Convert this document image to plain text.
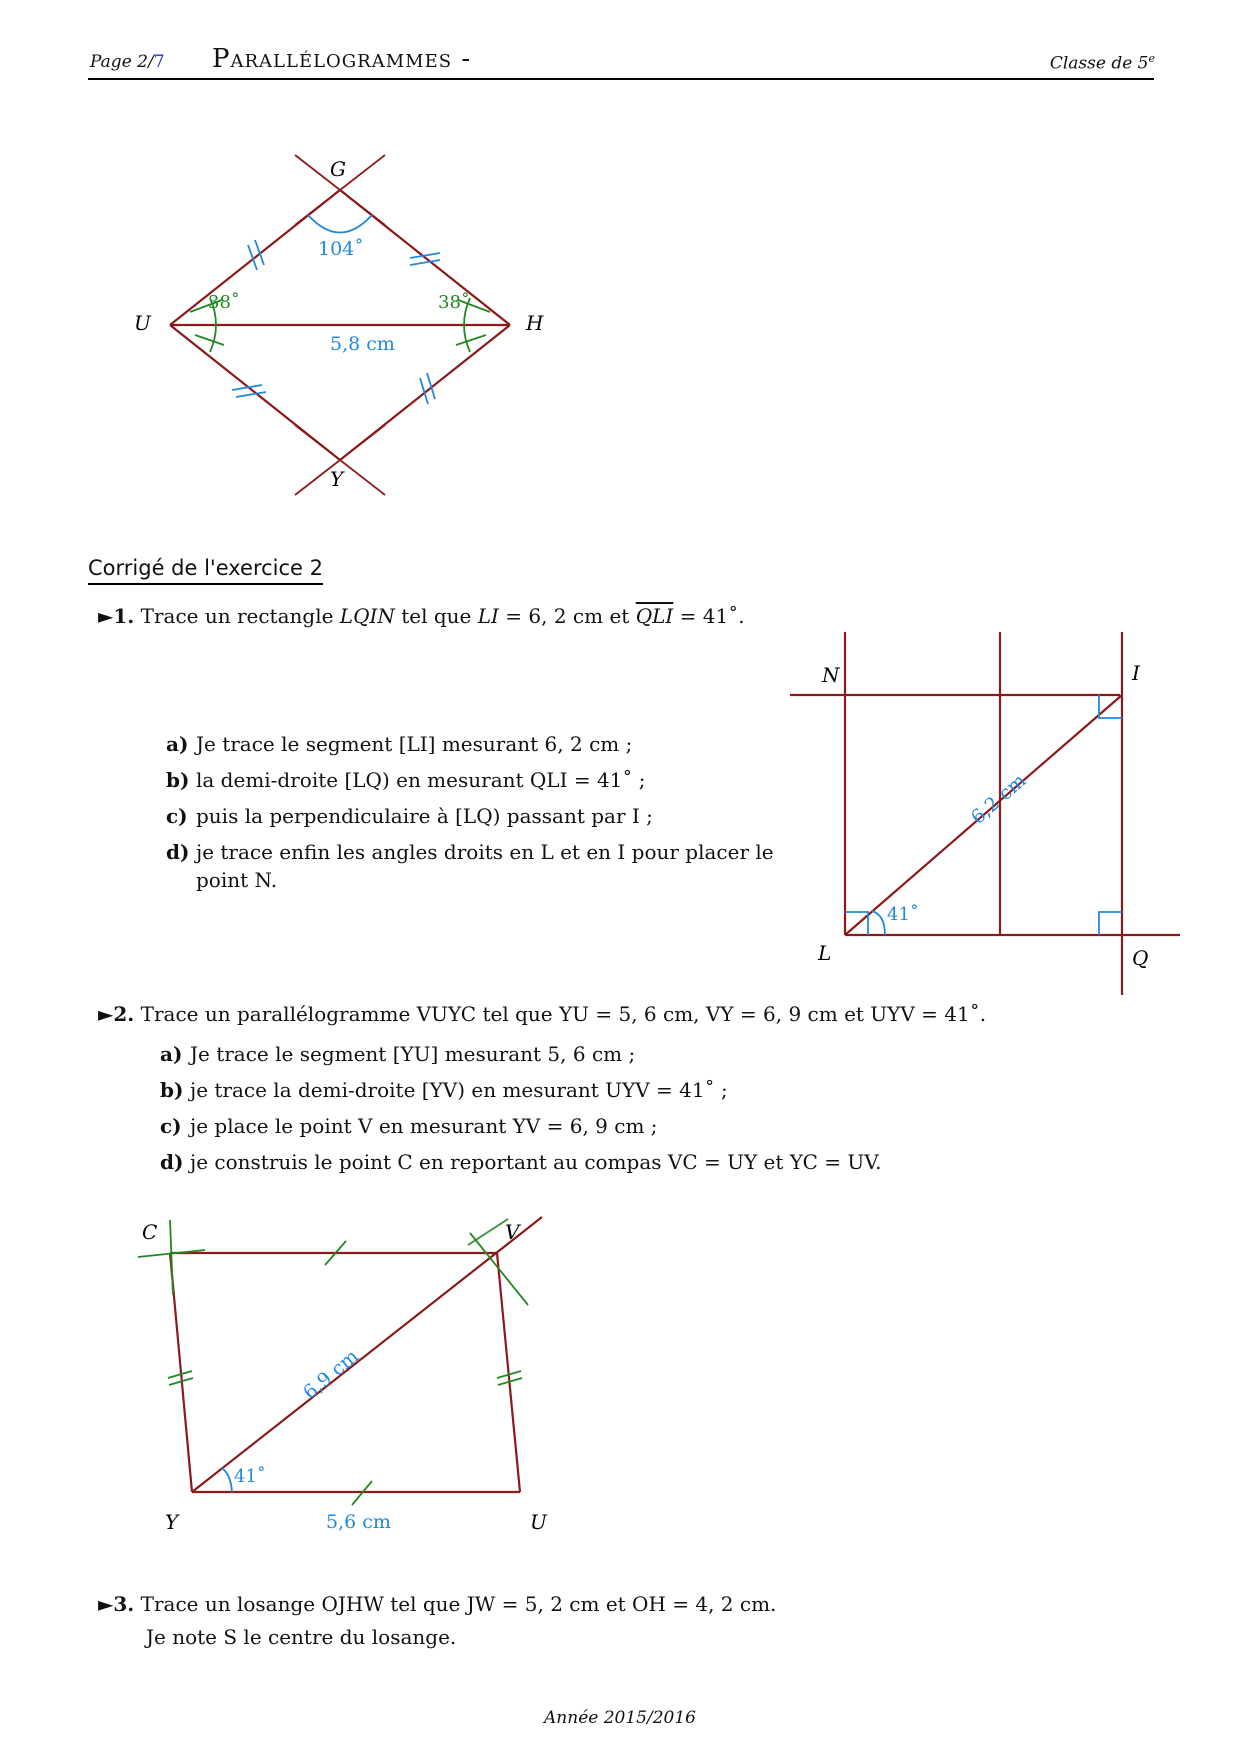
Page 2/7 Parallélogrammes -	Classe de 5e
G
U	H
Y
104˚
38˚	38˚
5,8 cm
Corrigé de l'exercice 2
►1. Trace un rectangle LQIN tel que LI = 6, 2 cm et $\overline{QLI}$ = 41˚.
a) Je trace le segment [LI] mesurant 6, 2 cm ;
b) la demi-droite [LQ) en mesurant QLI = 41˚ ;
c) puis la perpendiculaire à [LQ) passant par I ;
d) je trace enfin les angles droits en L et en I pour placer le
point N.
N	I
L	Q
6,2 cm
41˚
►2. Trace un parallélogramme VUYC tel que YU = 5, 6 cm, VY = 6, 9 cm et UYV = 41˚.
a) Je trace le segment [YU] mesurant 5, 6 cm ;
b) je trace la demi-droite [YV) en mesurant UYV = 41˚ ;
c) je place le point V en mesurant YV = 6, 9 cm ;
d) je construis le point C en reportant au compas VC = UY et YC = UV.
C	V
Y	U
6,9 cm
5,6 cm
41˚
►3. Trace un losange OJHW tel que JW = 5, 2 cm et OH = 4, 2 cm.
Je note S le centre du losange.
Année 2015/2016
